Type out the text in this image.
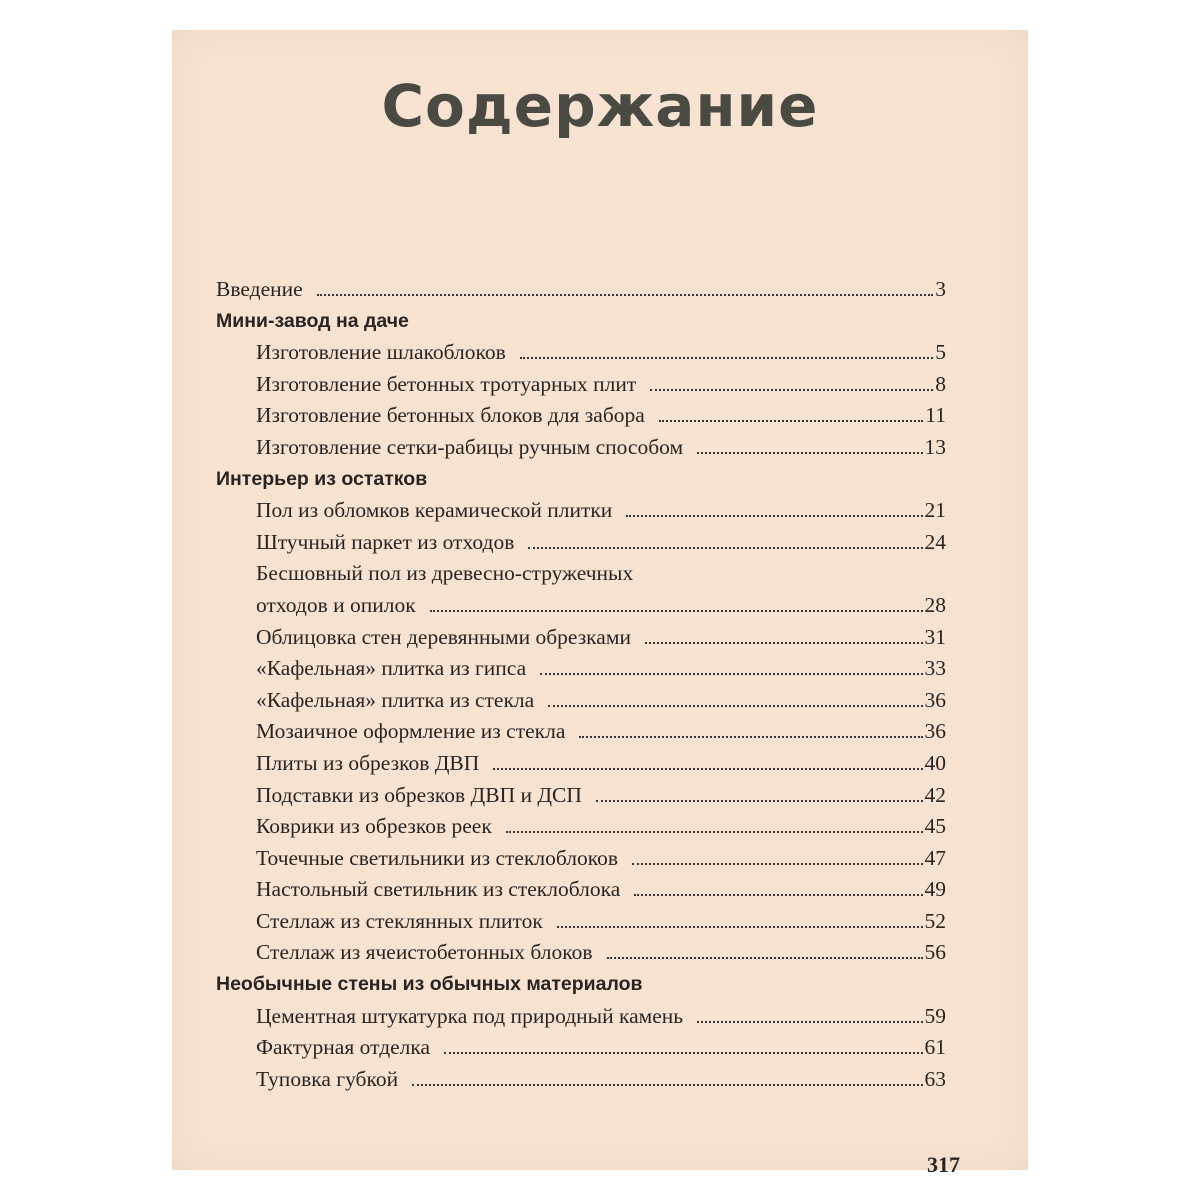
Содержание
Введение	3
Мини-завод на даче
Изготовление шлакоблоков	5
Изготовление бетонных тротуарных плит	8
Изготовление бетонных блоков для забора	11
Изготовление сетки-рабицы ручным способом	13
Интерьер из остатков
Пол из обломков керамической плитки	21
Штучный паркет из отходов	24
Бесшовный пол из древесно-стружечных
отходов и опилок	28
Облицовка стен деревянными обрезками	31
«Кафельная» плитка из гипса	33
«Кафельная» плитка из стекла	36
Мозаичное оформление из стекла	36
Плиты из обрезков ДВП	40
Подставки из обрезков ДВП и ДСП	42
Коврики из обрезков реек	45
Точечные светильники из стеклоблоков	47
Настольный светильник из стеклоблока	49
Стеллаж из стеклянных плиток	52
Стеллаж из ячеистобетонных блоков	56
Необычные стены из обычных материалов
Цементная штукатурка под природный камень	59
Фактурная отделка	61
Туповка губкой	63
317
